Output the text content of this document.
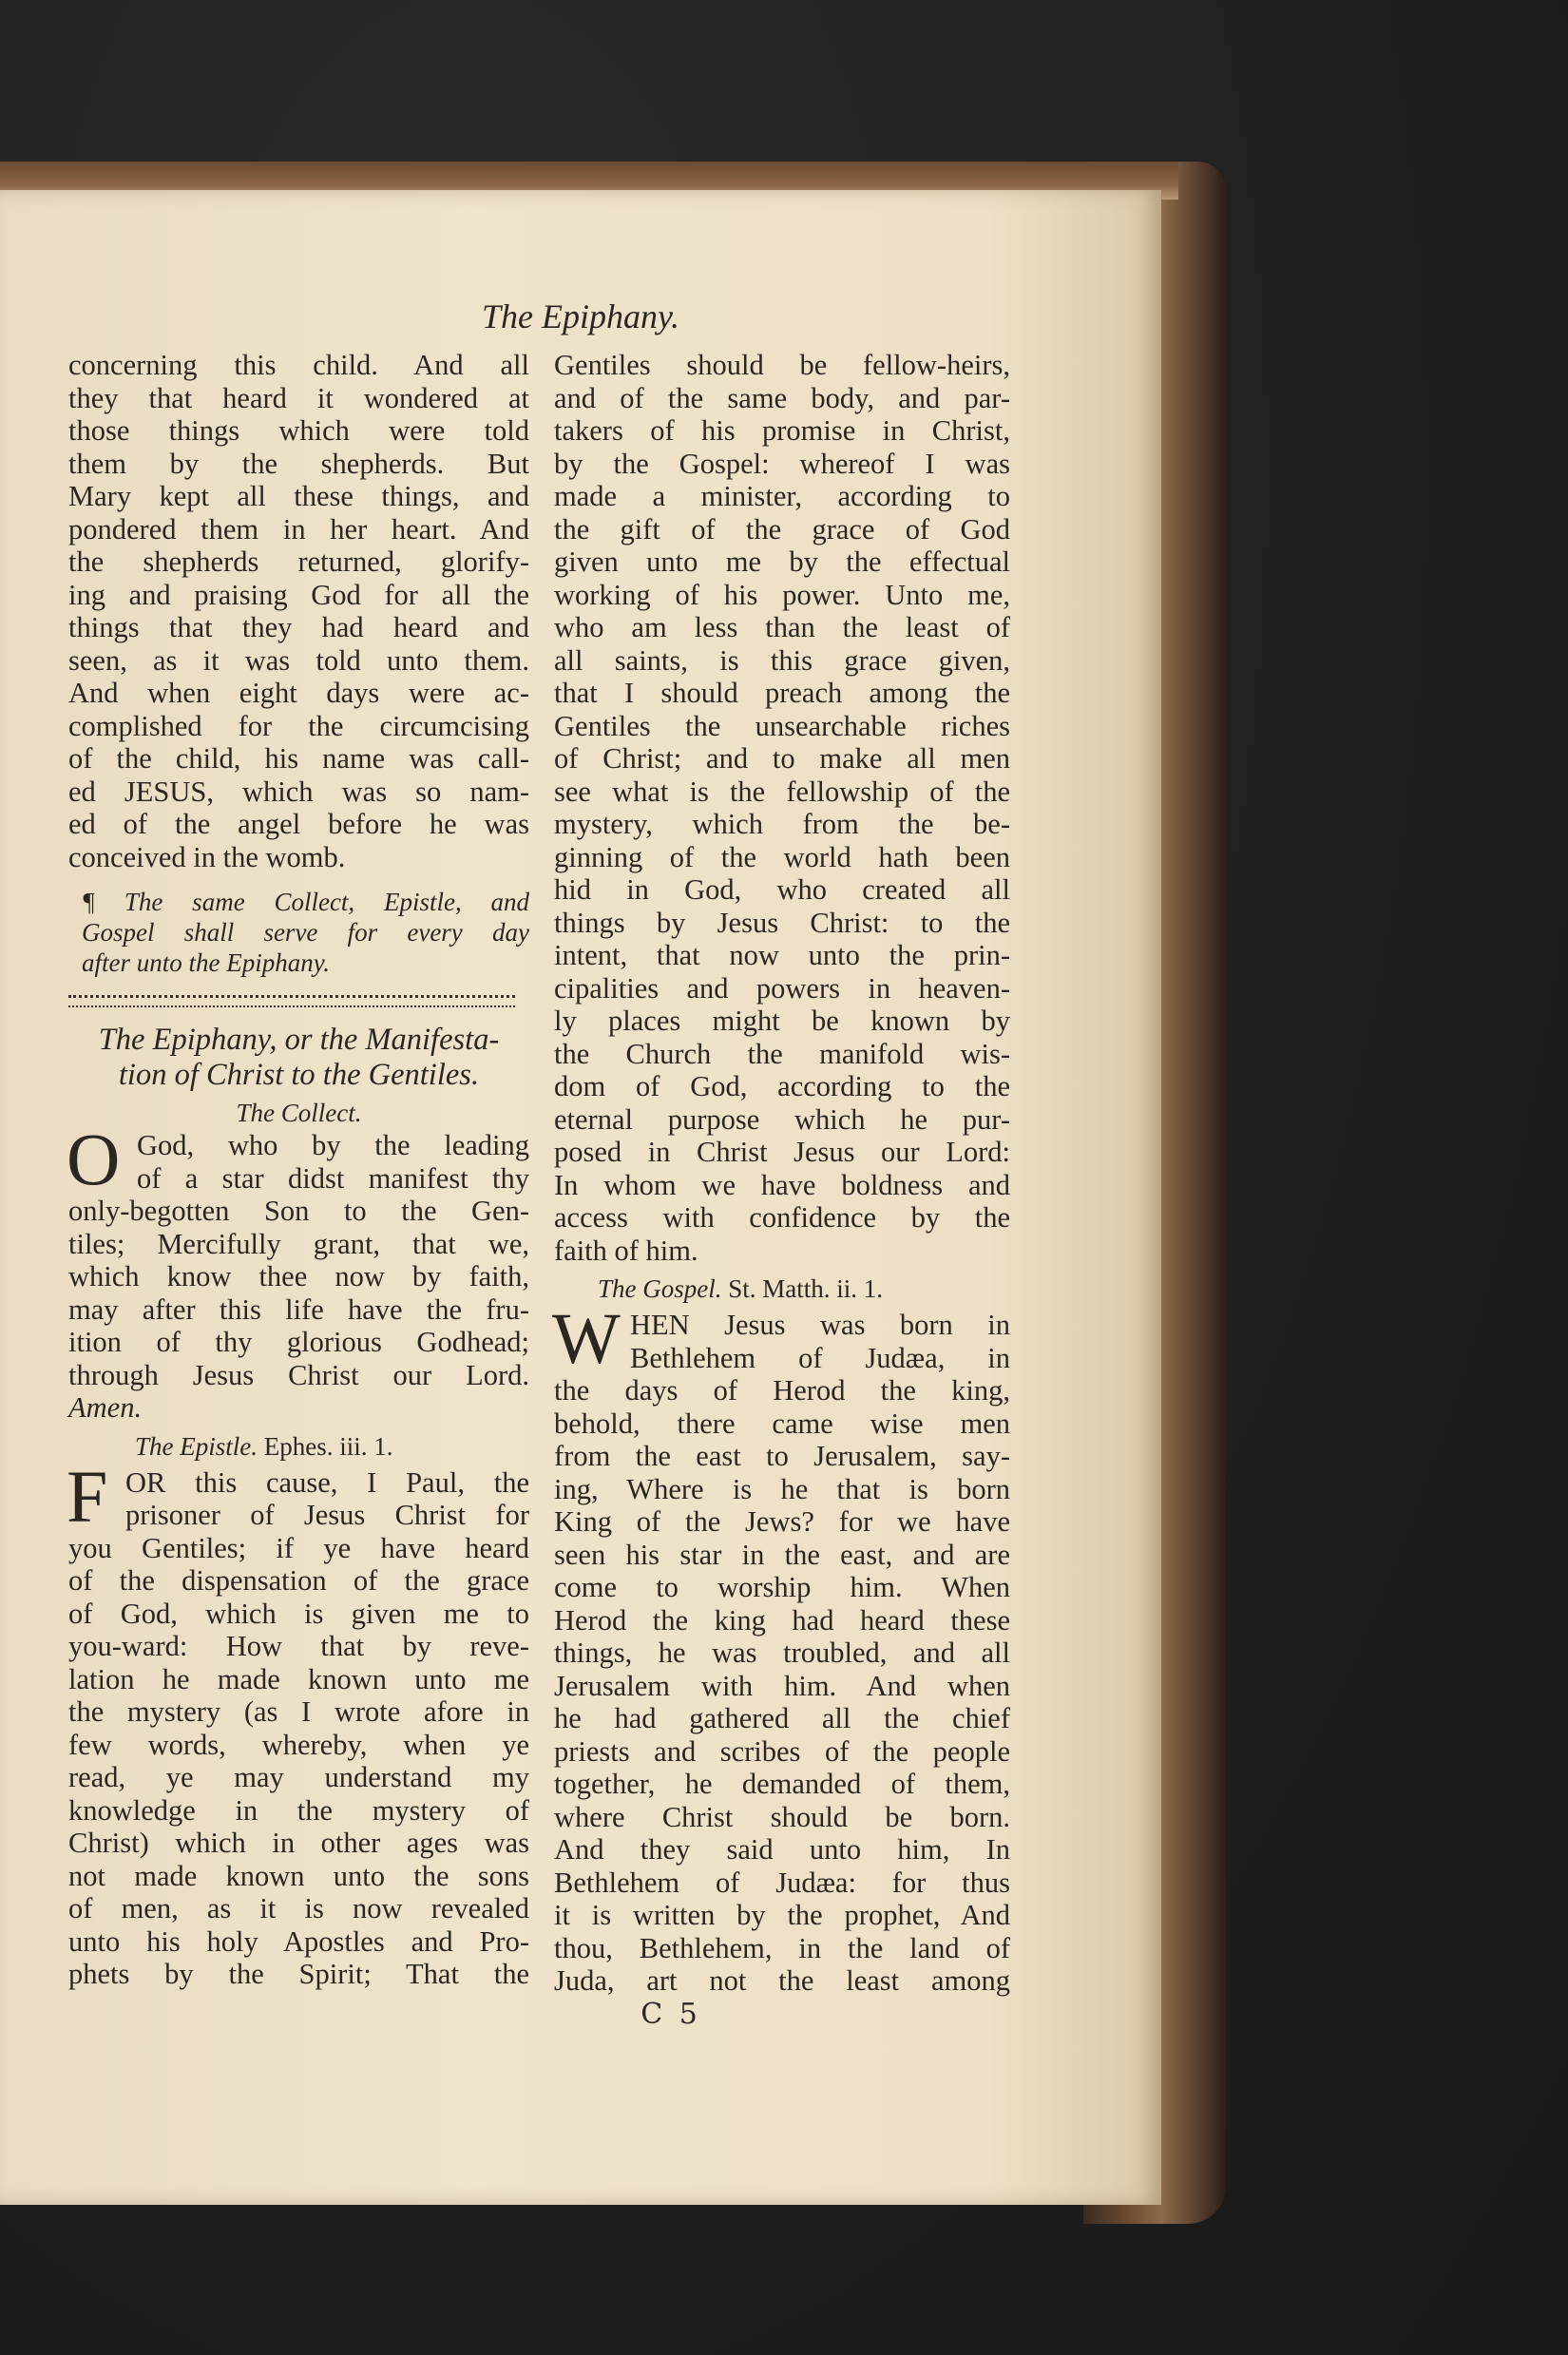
The Epiphany.
concerning this child. And all
they that heard it wondered at
those things which were told
them by the shepherds. But
Mary kept all these things, and
pondered them in her heart. And
the shepherds returned, glorify-
ing and praising God for all the
things that they had heard and
seen, as it was told unto them.
And when eight days were ac-
complished for the circumcising
of the child, his name was call-
ed JESUS, which was so nam-
ed of the angel before he was
conceived in the womb.
¶ The same Collect, Epistle, and
Gospel shall serve for every day
after unto the Epiphany.
The Epiphany, or the Manifesta-
tion of Christ to the Gentiles.
The Collect.
O God, who by the leading
of a star didst manifest thy
only-begotten Son to the Gen-
tiles; Mercifully grant, that we,
which know thee now by faith,
may after this life have the fru-
ition of thy glorious Godhead;
through Jesus Christ our Lord.
Amen.
The Epistle. Ephes. iii. 1.
F OR this cause, I Paul, the
prisoner of Jesus Christ for
you Gentiles; if ye have heard
of the dispensation of the grace
of God, which is given me to
you-ward: How that by reve-
lation he made known unto me
the mystery (as I wrote afore in
few words, whereby, when ye
read, ye may understand my
knowledge in the mystery of
Christ) which in other ages was
not made known unto the sons
of men, as it is now revealed
unto his holy Apostles and Pro-
phets by the Spirit; That the
Gentiles should be fellow-heirs,
and of the same body, and par-
takers of his promise in Christ,
by the Gospel: whereof I was
made a minister, according to
the gift of the grace of God
given unto me by the effectual
working of his power. Unto me,
who am less than the least of
all saints, is this grace given,
that I should preach among the
Gentiles the unsearchable riches
of Christ; and to make all men
see what is the fellowship of the
mystery, which from the be-
ginning of the world hath been
hid in God, who created all
things by Jesus Christ: to the
intent, that now unto the prin-
cipalities and powers in heaven-
ly places might be known by
the Church the manifold wis-
dom of God, according to the
eternal purpose which he pur-
posed in Christ Jesus our Lord:
In whom we have boldness and
access with confidence by the
faith of him.
The Gospel. St. Matth. ii. 1.
W HEN Jesus was born in
Bethlehem of Judæa, in
the days of Herod the king,
behold, there came wise men
from the east to Jerusalem, say-
ing, Where is he that is born
King of the Jews? for we have
seen his star in the east, and are
come to worship him. When
Herod the king had heard these
things, he was troubled, and all
Jerusalem with him. And when
he had gathered all the chief
priests and scribes of the people
together, he demanded of them,
where Christ should be born.
And they said unto him, In
Bethlehem of Judæa: for thus
it is written by the prophet, And
thou, Bethlehem, in the land of
Juda, art not the least among
C 5
